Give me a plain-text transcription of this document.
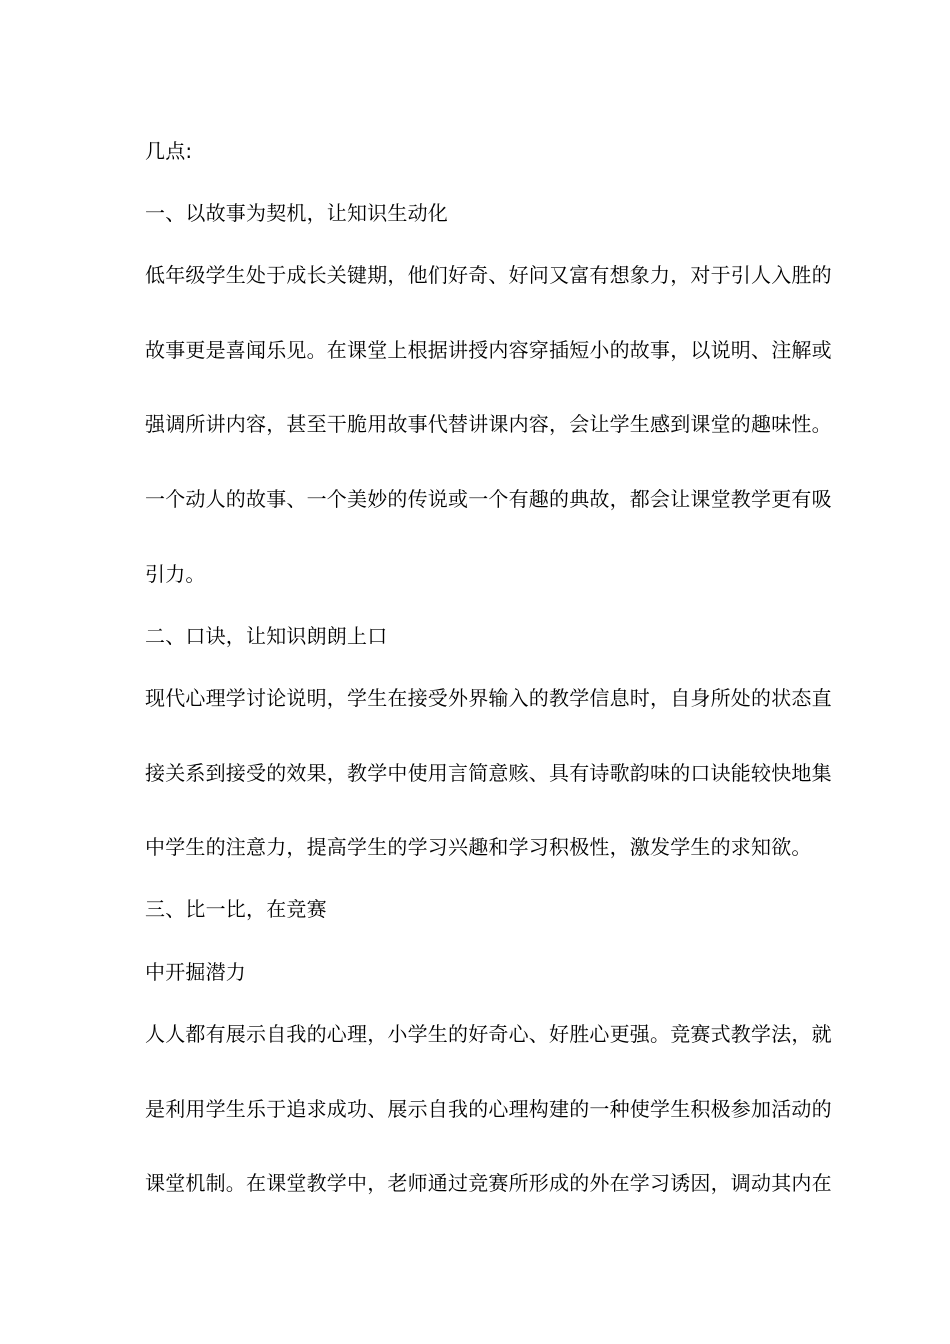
几点:
一、以故事为契机，让知识生动化
低年级学生处于成长关键期，他们好奇、好问又富有想象力，对于引人入胜的
故事更是喜闻乐见。在课堂上根据讲授内容穿插短小的故事，以说明、注解或
强调所讲内容，甚至干脆用故事代替讲课内容，会让学生感到课堂的趣味性。
一个动人的故事、一个美妙的传说或一个有趣的典故，都会让课堂教学更有吸
引力。
二、口诀，让知识朗朗上口
现代心理学讨论说明，学生在接受外界输入的教学信息时，自身所处的状态直
接关系到接受的效果，教学中使用言简意赅、具有诗歌韵味的口诀能较快地集
中学生的注意力，提高学生的学习兴趣和学习积极性，激发学生的求知欲。
三、比一比，在竞赛
中开掘潜力
人人都有展示自我的心理，小学生的好奇心、好胜心更强。竞赛式教学法，就
是利用学生乐于追求成功、展示自我的心理构建的一种使学生积极参加活动的
课堂机制。在课堂教学中，老师通过竞赛所形成的外在学习诱因，调动其内在
